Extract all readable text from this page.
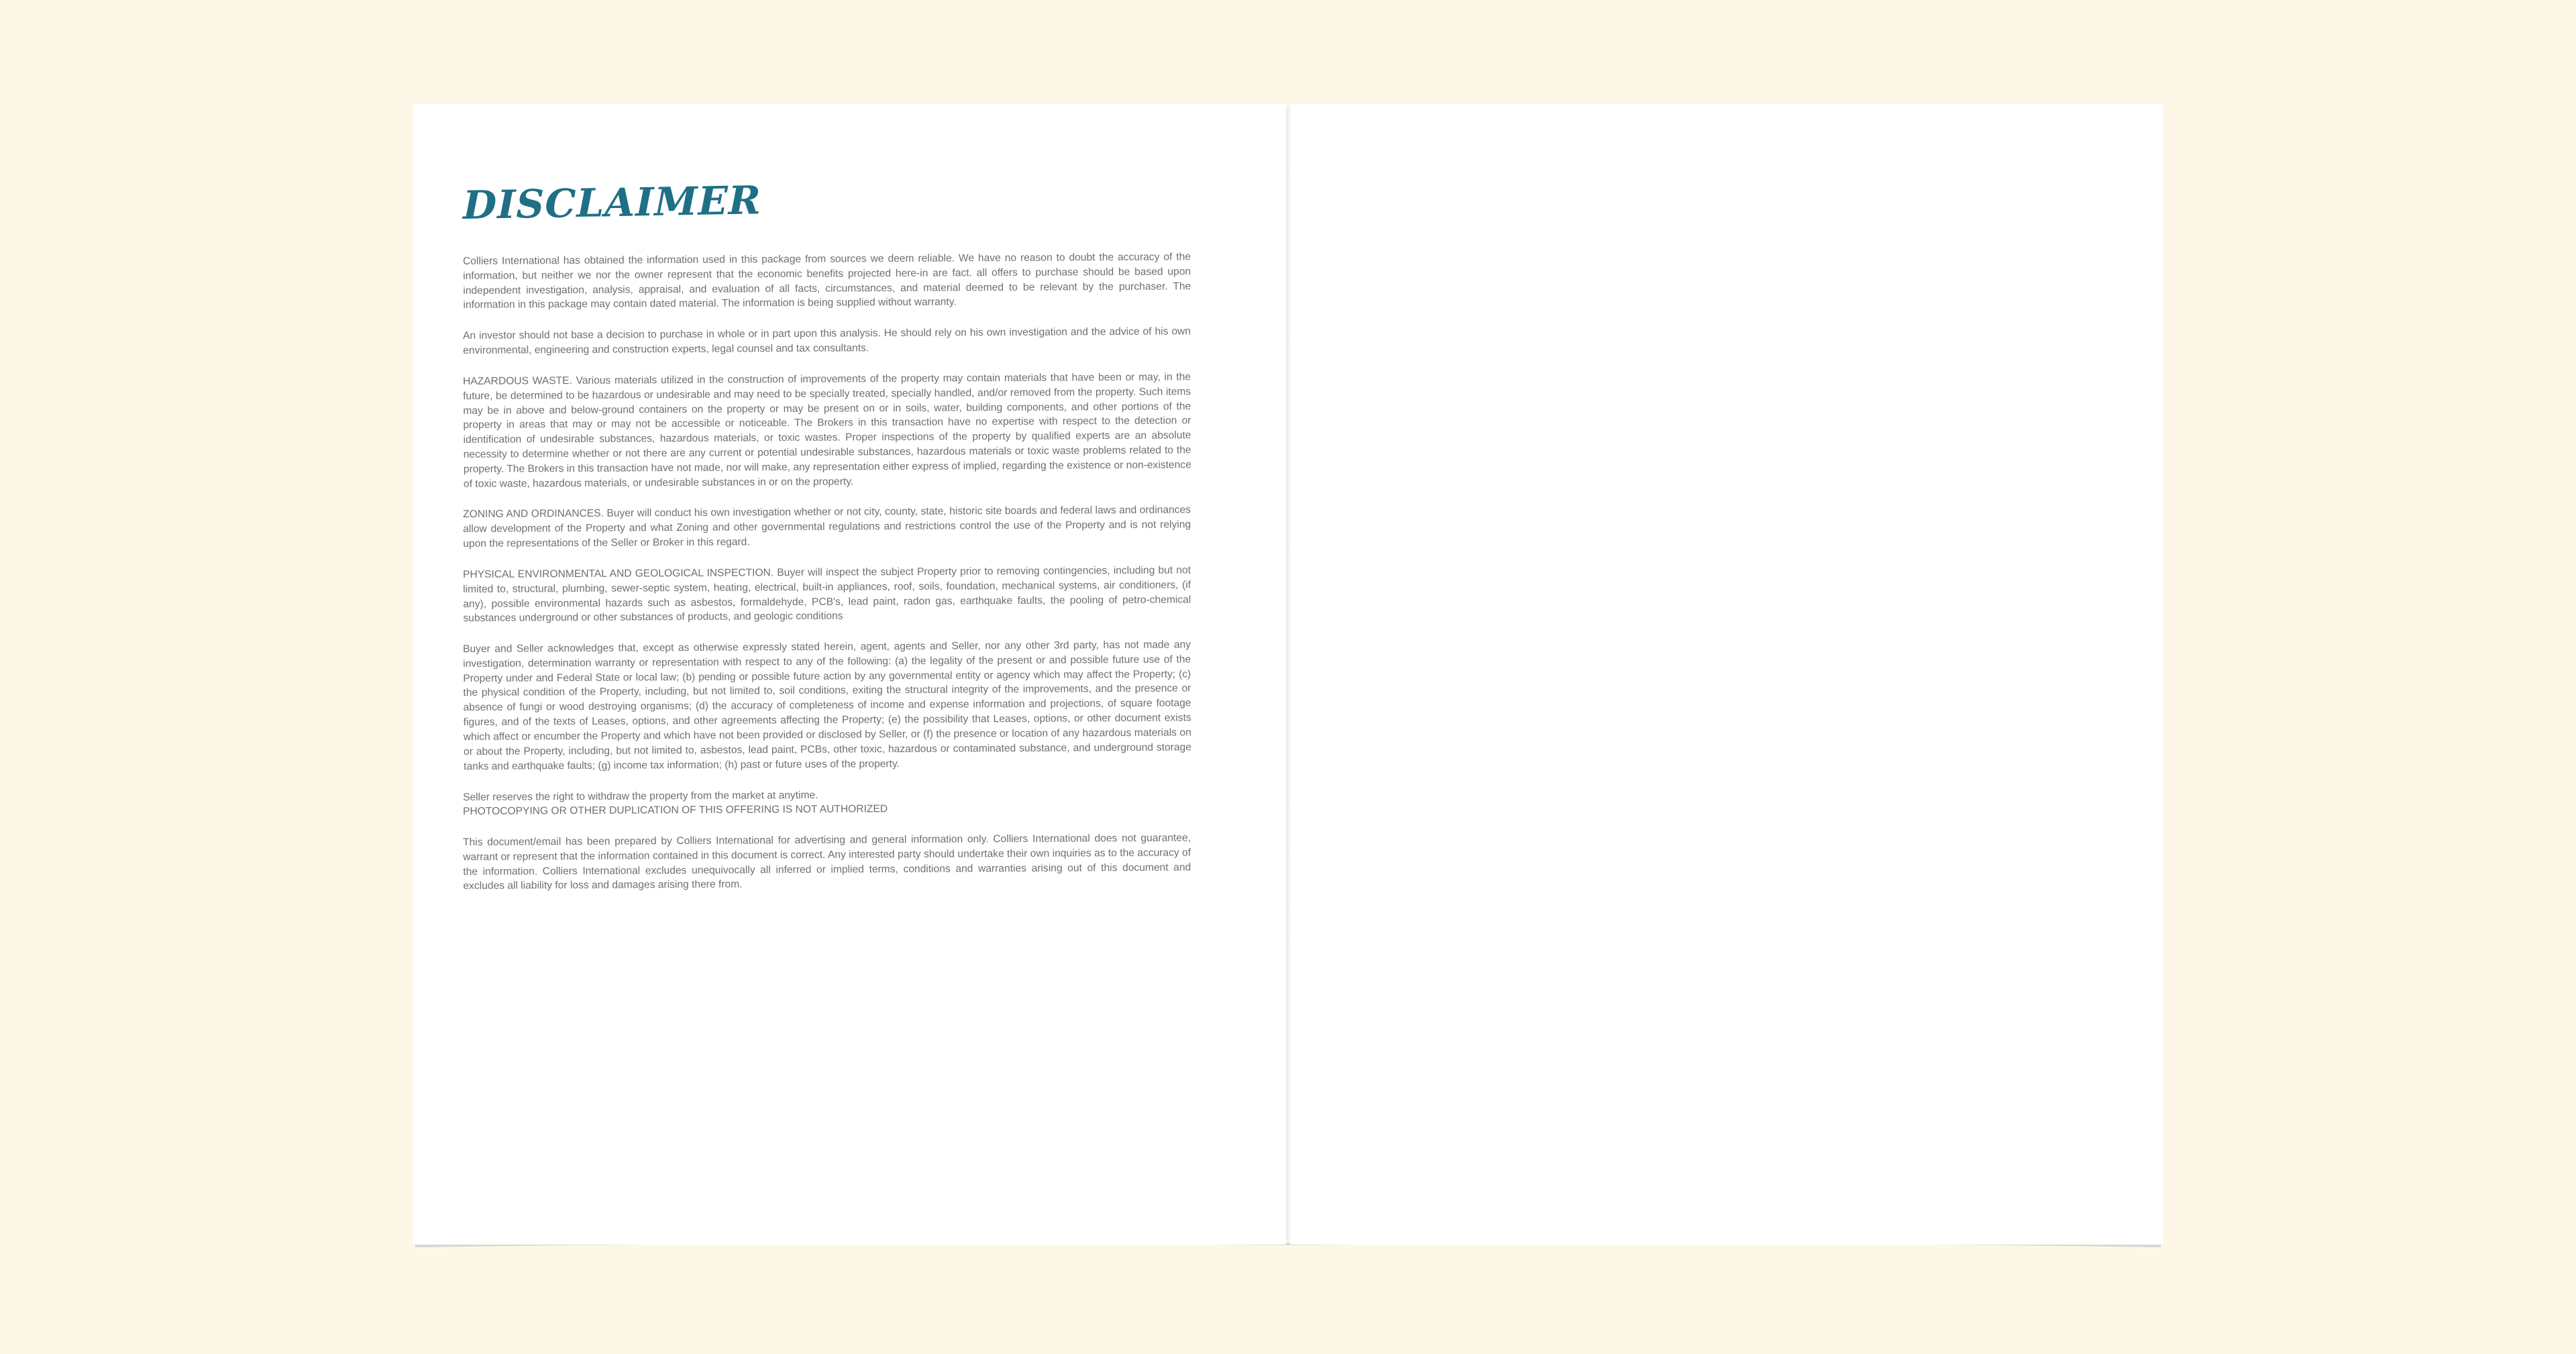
DISCLAIMER

Colliers International has obtained the information used in this package from sources we deem reliable. We have no reason to doubt the accuracy of the information, but neither we nor the owner represent that the economic benefits projected here-in are fact. all offers to purchase should be based upon independent investigation, analysis, appraisal, and evaluation of all facts, circumstances, and material deemed to be relevant by the purchaser. The information in this package may contain dated material. The information is being supplied without warranty.

An investor should not base a decision to purchase in whole or in part upon this analysis. He should rely on his own investigation and the advice of his own environmental, engineering and construction experts, legal counsel and tax consultants.

HAZARDOUS WASTE. Various materials utilized in the construction of improvements of the property may contain materials that have been or may, in the future, be determined to be hazardous or undesirable and may need to be specially treated, specially handled, and/or removed from the property. Such items may be in above and below-ground containers on the property or may be present on or in soils, water, building components, and other portions of the property in areas that may or may not be accessible or noticeable. The Brokers in this transaction have no expertise with respect to the detection or identification of undesirable substances, hazardous materials, or toxic wastes. Proper inspections of the property by qualified experts are an absolute necessity to determine whether or not there are any current or potential undesirable substances, hazardous materials or toxic waste problems related to the property. The Brokers in this transaction have not made, nor will make, any representation either express of implied, regarding the existence or non-existence of toxic waste, hazardous materials, or undesirable substances in or on the property.

ZONING AND ORDINANCES. Buyer will conduct his own investigation whether or not city, county, state, historic site boards and federal laws and ordinances allow development of the Property and what Zoning and other governmental regulations and restrictions control the use of the Property and is not relying upon the representations of the Seller or Broker in this regard.

PHYSICAL ENVIRONMENTAL AND GEOLOGICAL INSPECTION. Buyer will inspect the subject Property prior to removing contingencies, including but not limited to, structural, plumbing, sewer-septic system, heating, electrical, built-in appliances, roof, soils, foundation, mechanical systems, air conditioners, (if any), possible environmental hazards such as asbestos, formaldehyde, PCB's, lead paint, radon gas, earthquake faults, the pooling of petro-chemical substances underground or other substances of products, and geologic conditions

Buyer and Seller acknowledges that, except as otherwise expressly stated herein, agent, agents and Seller, nor any other 3rd party, has not made any investigation, determination warranty or representation with respect to any of the following: (a) the legality of the present or and possible future use of the Property under and Federal State or local law; (b) pending or possible future action by any governmental entity or agency which may affect the Property; (c) the physical condition of the Property, including, but not limited to, soil conditions, exiting the structural integrity of the improvements, and the presence or absence of fungi or wood destroying organisms; (d) the accuracy of completeness of income and expense information and projections, of square footage figures, and of the texts of Leases, options, and other agreements affecting the Property; (e) the possibility that Leases, options, or other document exists which affect or encumber the Property and which have not been provided or disclosed by Seller, or (f) the presence or location of any hazardous materials on or about the Property, including, but not limited to, asbestos, lead paint, PCBs, other toxic, hazardous or contaminated substance, and underground storage tanks and earthquake faults; (g) income tax information; (h) past or future uses of the property.

Seller reserves the right to withdraw the property from the market at anytime.

PHOTOCOPYING OR OTHER DUPLICATION OF THIS OFFERING IS NOT AUTHORIZED

This document/email has been prepared by Colliers International for advertising and general information only. Colliers International does not guarantee, warrant or represent that the information contained in this document is correct. Any interested party should undertake their own inquiries as to the accuracy of the information. Colliers International excludes unequivocally all inferred or implied terms, conditions and warranties arising out of this document and excludes all liability for loss and damages arising there from.
